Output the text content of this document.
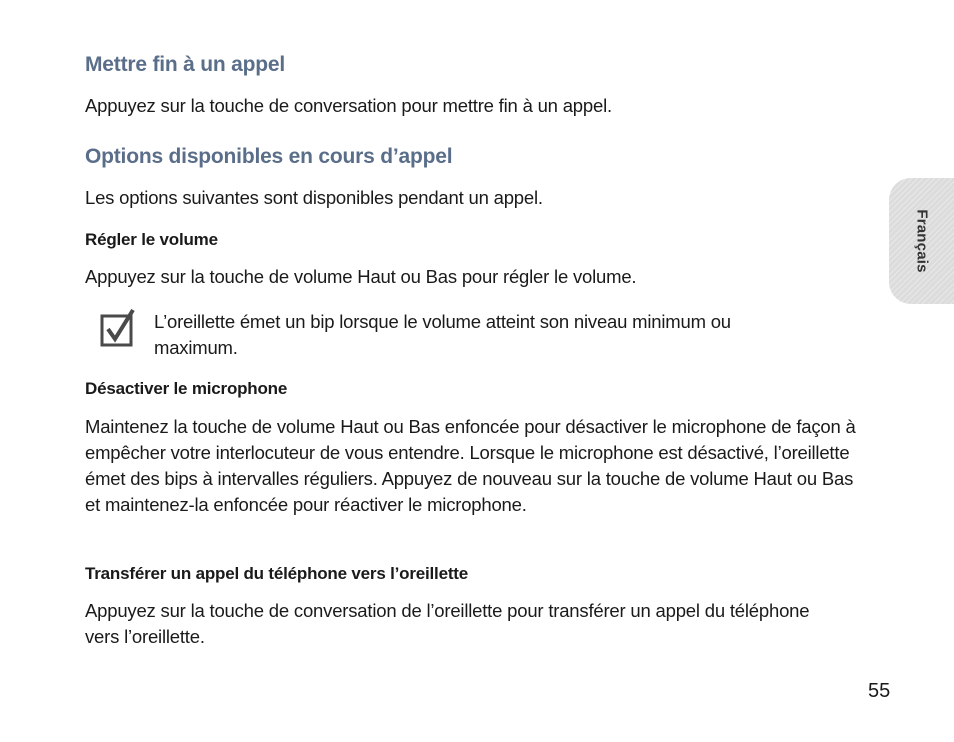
Mettre fin à un appel
Appuyez sur la touche de conversation pour mettre fin à un appel.
Options disponibles en cours d’appel
Les options suivantes sont disponibles pendant un appel.
Régler le volume
Appuyez sur la touche de volume Haut ou Bas pour régler le volume.
Désactiver le microphone
Maintenez la touche de volume Haut ou Bas enfoncée pour désactiver le microphone de façon à empêcher votre interlocuteur de vous entendre. Lorsque le microphone est désactivé, l’oreillette émet des bips à intervalles réguliers. Appuyez de nouveau sur la touche de volume Haut ou Bas et maintenez-la enfoncée pour réactiver le microphone.
Transférer un appel du téléphone vers l’oreillette
Appuyez sur la touche de conversation de l’oreillette pour transférer un appel du téléphone vers l’oreillette.
L’oreillette émet un bip lorsque le volume atteint son niveau minimum ou maximum.
Français
55
